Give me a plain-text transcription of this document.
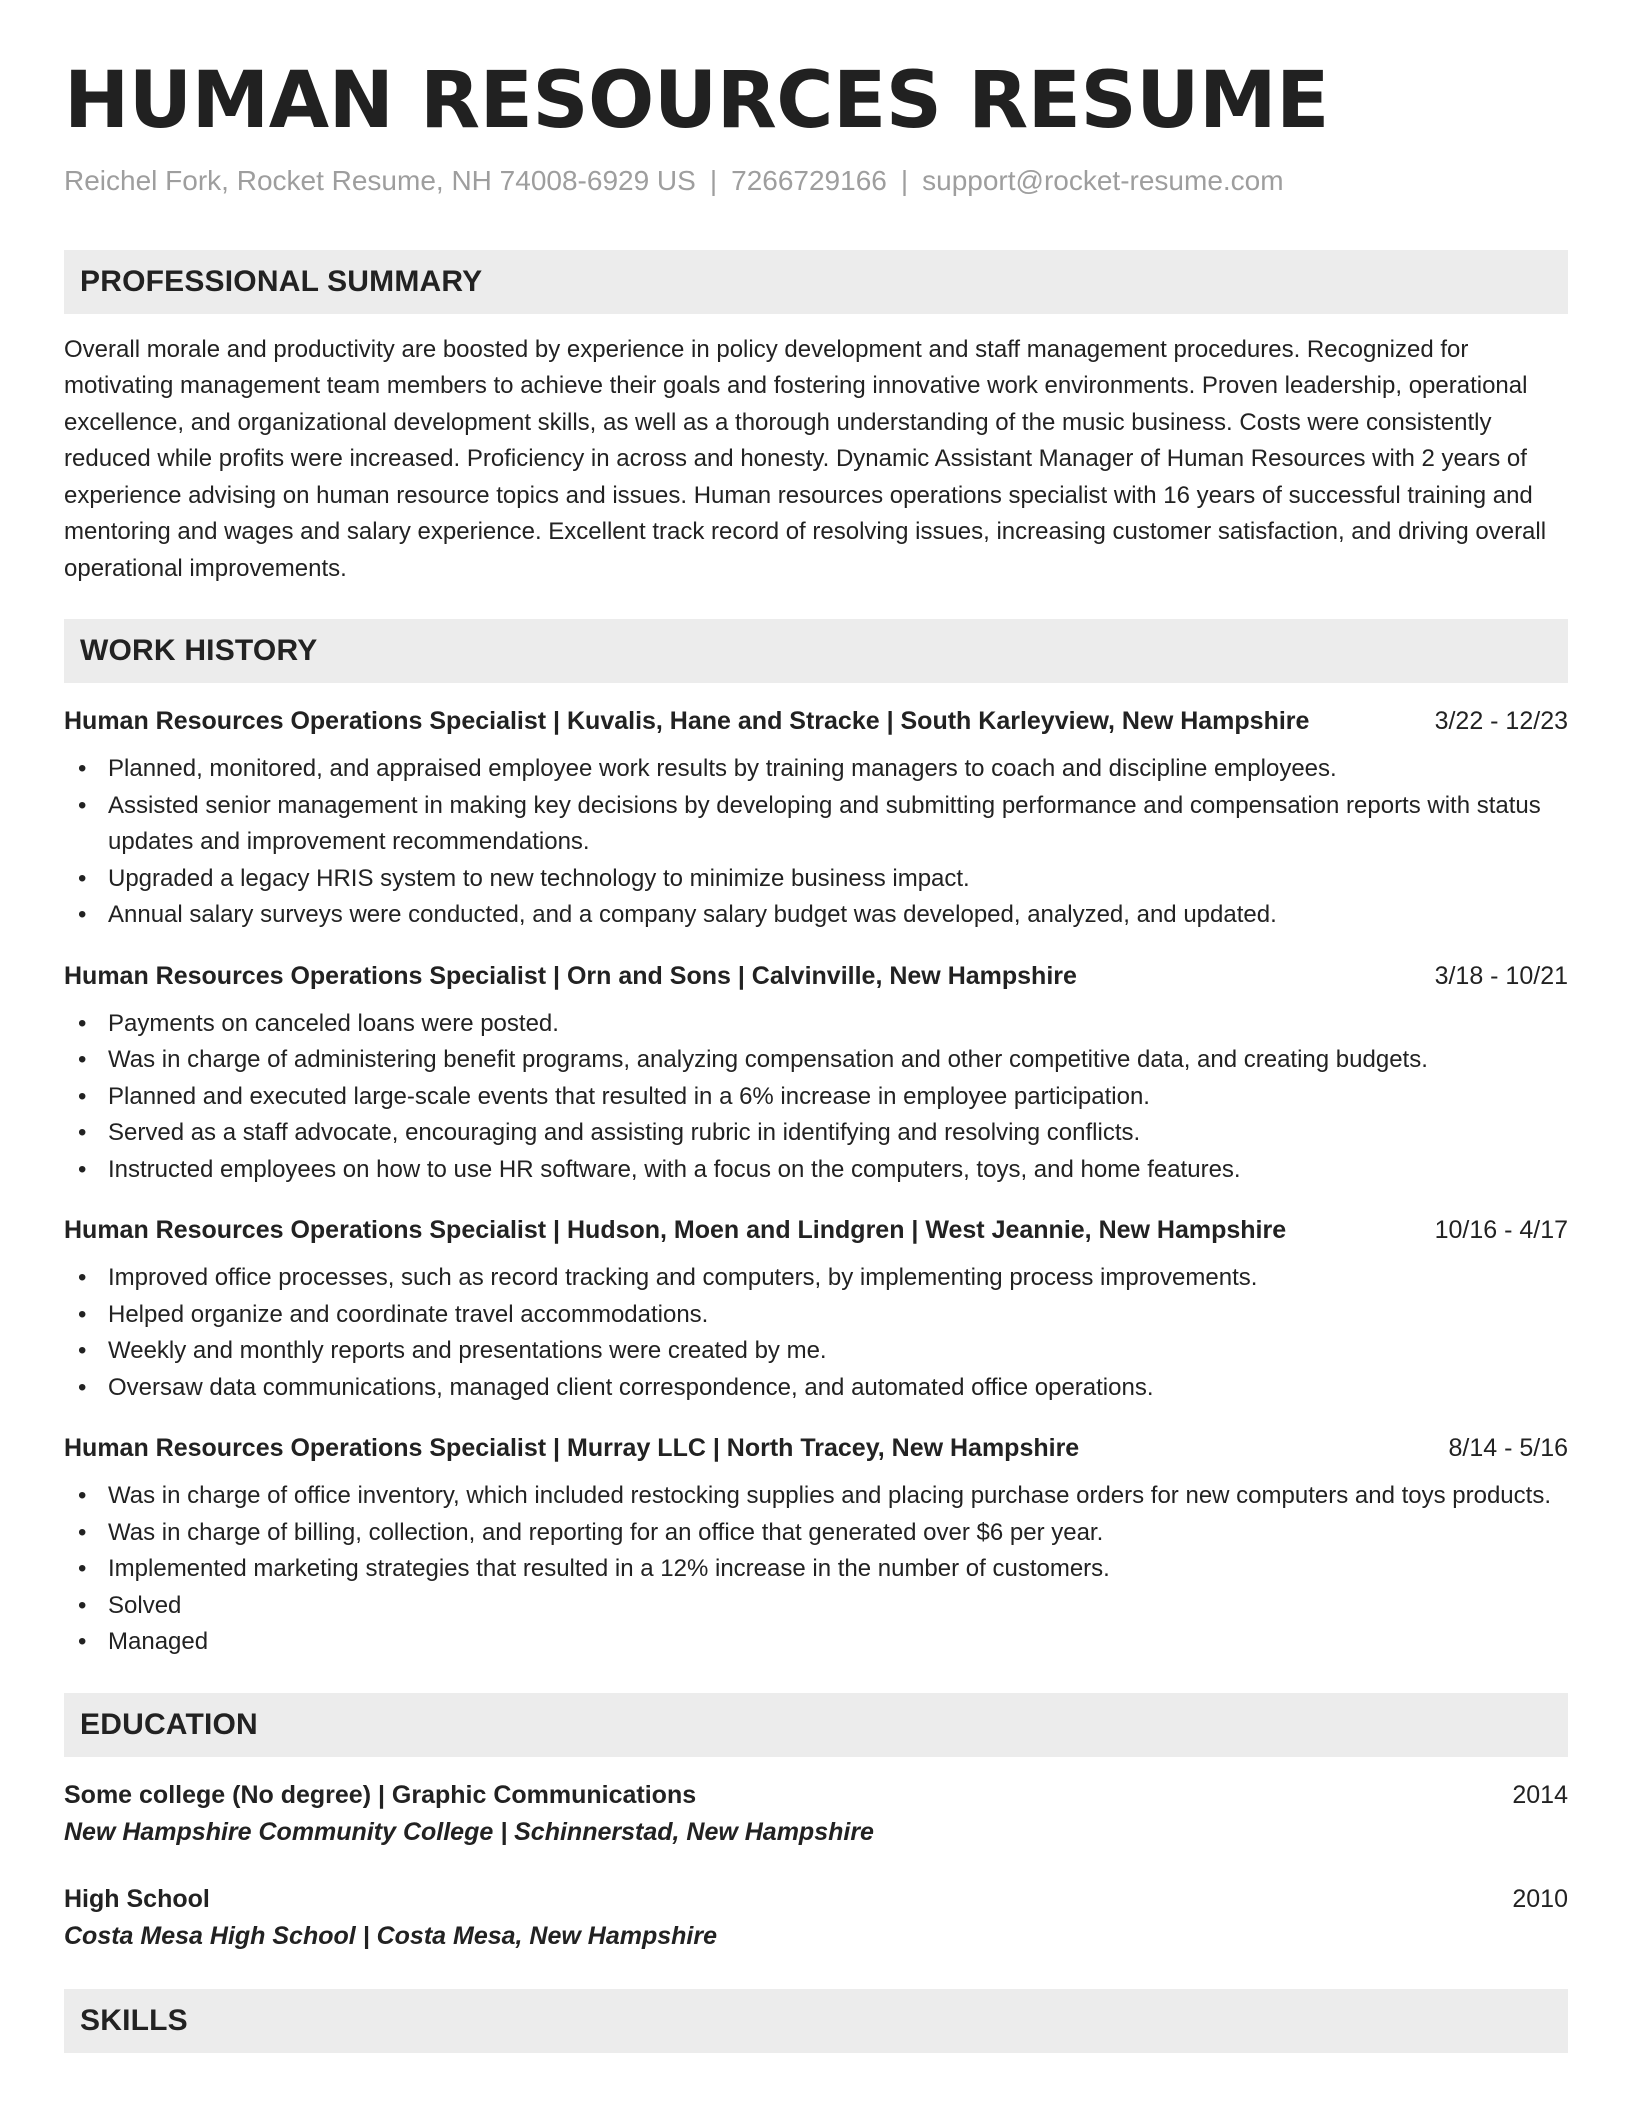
HUMAN RESOURCES RESUME
Reichel Fork, Rocket Resume, NH 74008-6929 US | 7266729166 | support@rocket-resume.com
PROFESSIONAL SUMMARY

Overall morale and productivity are boosted by experience in policy development and staff management procedures. Recognized for motivating management team members to achieve their goals and fostering innovative work environments. Proven leadership, operational excellence, and organizational development skills, as well as a thorough understanding of the music business. Costs were consistently reduced while profits were increased. Proficiency in across and honesty. Dynamic Assistant Manager of Human Resources with 2 years of experience advising on human resource topics and issues. Human resources operations specialist with 16 years of successful training and mentoring and wages and salary experience. Excellent track record of resolving issues, increasing customer satisfaction, and driving overall operational improvements.

WORK HISTORY
Human Resources Operations Specialist | Kuvalis, Hane and Stracke | South Karleyview, New Hampshire	3/22 - 12/23
• Planned, monitored, and appraised employee work results by training managers to coach and discipline employees.
• Assisted senior management in making key decisions by developing and submitting performance and compensation reports with status updates and improvement recommendations.
• Upgraded a legacy HRIS system to new technology to minimize business impact.
• Annual salary surveys were conducted, and a company salary budget was developed, analyzed, and updated.
Human Resources Operations Specialist | Orn and Sons | Calvinville, New Hampshire	3/18 - 10/21
• Payments on canceled loans were posted.
• Was in charge of administering benefit programs, analyzing compensation and other competitive data, and creating budgets.
• Planned and executed large-scale events that resulted in a 6% increase in employee participation.
• Served as a staff advocate, encouraging and assisting rubric in identifying and resolving conflicts.
• Instructed employees on how to use HR software, with a focus on the computers, toys, and home features.
Human Resources Operations Specialist | Hudson, Moen and Lindgren | West Jeannie, New Hampshire	10/16 - 4/17
• Improved office processes, such as record tracking and computers, by implementing process improvements.
• Helped organize and coordinate travel accommodations.
• Weekly and monthly reports and presentations were created by me.
• Oversaw data communications, managed client correspondence, and automated office operations.
Human Resources Operations Specialist | Murray LLC | North Tracey, New Hampshire	8/14 - 5/16
• Was in charge of office inventory, which included restocking supplies and placing purchase orders for new computers and toys products.
• Was in charge of billing, collection, and reporting for an office that generated over $6 per year.
• Implemented marketing strategies that resulted in a 12% increase in the number of customers.
• Solved
• Managed
EDUCATION
Some college (No degree) | Graphic Communications	2014
New Hampshire Community College | Schinnerstad, New Hampshire
High School	2010
Costa Mesa High School | Costa Mesa, New Hampshire
SKILLS
